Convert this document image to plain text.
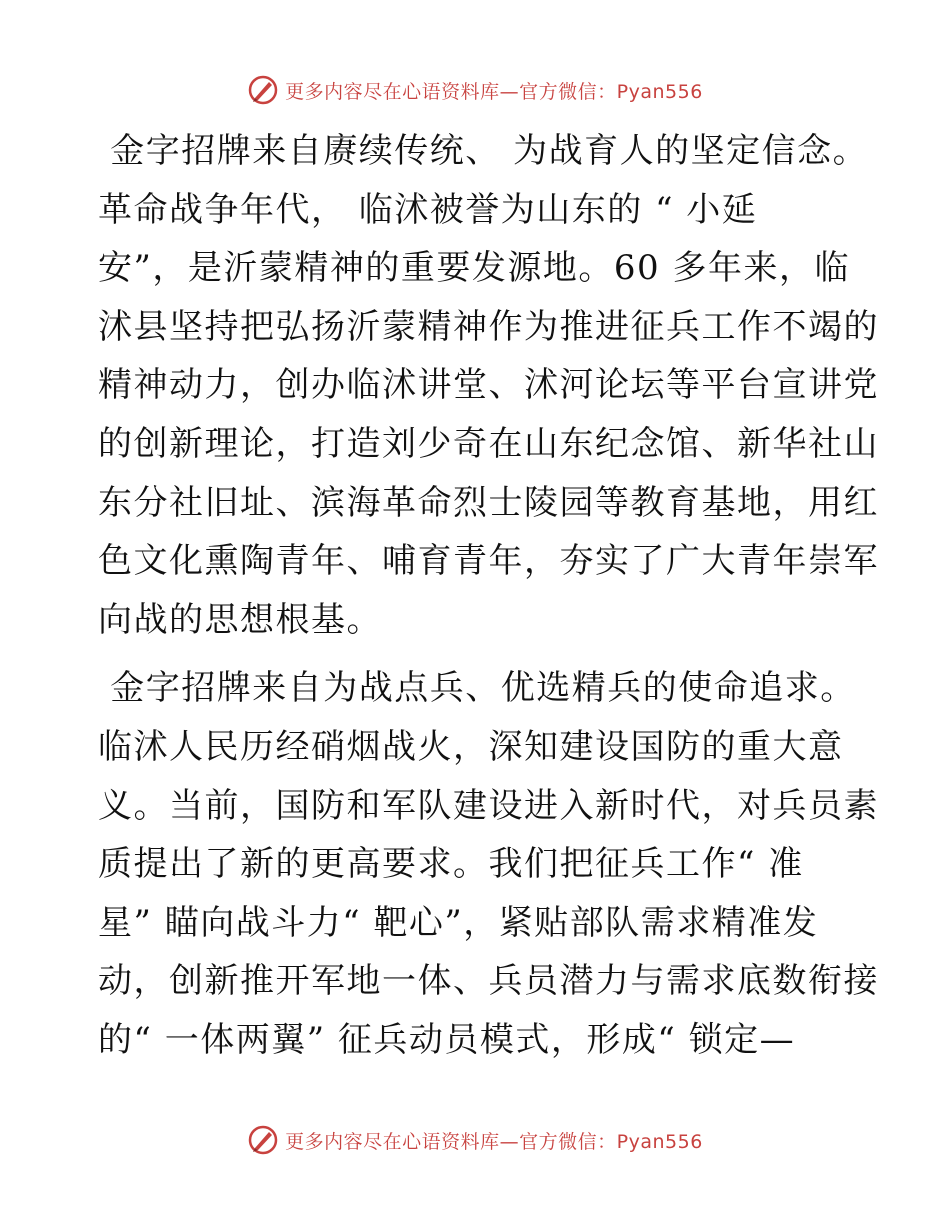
更多内容尽在心语资料库—官方微信：Pyan556
金字招牌来自赓续传统、 为战育人的坚定信念。
革命战争年代， 临沭被誉为山东的 “ 小延
安”，是沂蒙精神的重要发源地。60 多年来，临
沭县坚持把弘扬沂蒙精神作为推进征兵工作不竭的
精神动力，创办临沭讲堂、沭河论坛等平台宣讲党
的创新理论，打造刘少奇在山东纪念馆、新华社山
东分社旧址、滨海革命烈士陵园等教育基地，用红
色文化熏陶青年、哺育青年，夯实了广大青年崇军
向战的思想根基。
金字招牌来自为战点兵、优选精兵的使命追求。
临沭人民历经硝烟战火，深知建设国防的重大意
义。当前，国防和军队建设进入新时代，对兵员素
质提出了新的更高要求。我们把征兵工作“ 准
星” 瞄向战斗力“ 靶心”，紧贴部队需求精准发
动，创新推开军地一体、兵员潜力与需求底数衔接
的“ 一体两翼” 征兵动员模式，形成“ 锁定—
更多内容尽在心语资料库—官方微信：Pyan556
